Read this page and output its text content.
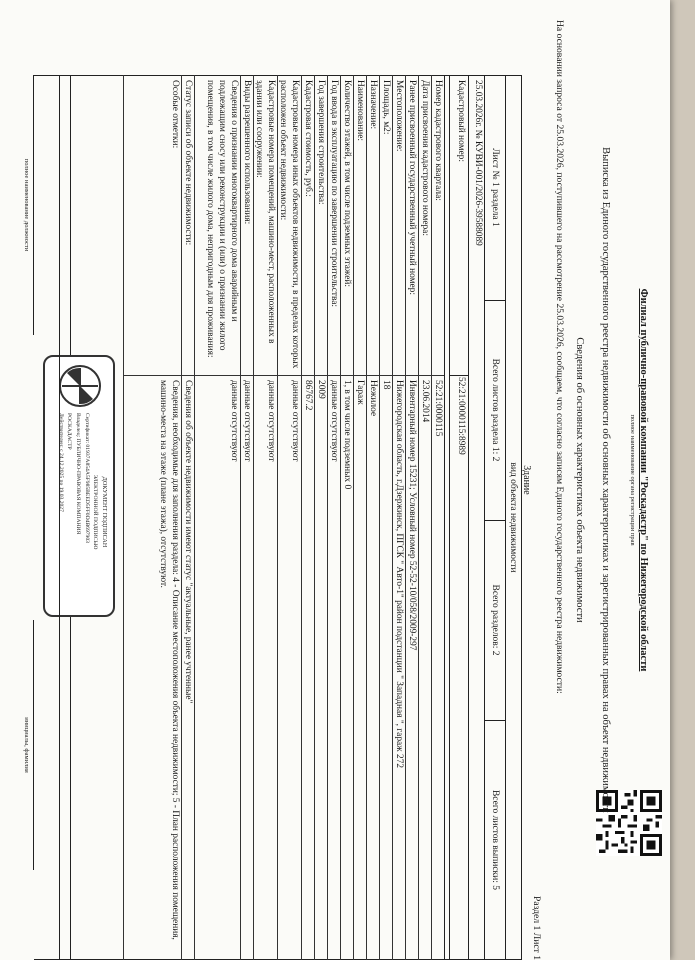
Филиал публично-правовой компании "Роскадастр" по Нижегородской области
полное наименование органа регистрации прав
Выписка из Единого государственного реестра недвижимости об основных характеристиках и зарегистрированных правах на объект недвижимости
Сведения об основных характеристиках объекта недвижимости
На основании запроса от 25.03.2026, поступившего на рассмотрение 25.03.2026, сообщаем, что согласно записям Единого государственного реестра недвижимости:
Раздел 1 Лист 1
Здание
вид объекта недвижимости
Лист № 1 раздела 1
Всего листов раздела 1: 2
Всего разделов: 2
Всего листов выписки: 5
25.03.2026г. № КУВИ-001/2026-39588089
Кадастровый номер:
52:21:0000115:8989
Номер кадастрового квартала:
52:21:0000115
Дата присвоения кадастрового номера:
23.06.2014
Ранее присвоенный государственный учетный номер:
Инвентарный номер 15231; Условный номер 52-52-10/058/2009-297
Местоположение:
Нижегородская область, г.Дзержинск, ПГСК " Авто-1" район подстанции " Западная ", гараж 272
Площадь, м2:
18
Назначение:
Нежилое
Наименование:
Гараж
Количество этажей, в том числе подземных этажей:
1, в том числе подземных 0
Год ввода в эксплуатацию по завершении строительства:
данные отсутствуют
Год завершения строительства:
2009
Кадастровая стоимость, руб.:
86767.2
Кадастровые номера иных объектов недвижимости, в пределах которых расположен объект недвижимости:
данные отсутствуют
Кадастровые номера помещений, машино-мест, расположенных в здании или сооружении:
данные отсутствуют
Виды разрешенного использования:
данные отсутствуют
Сведения о признании многоквартирного дома аварийным и подлежащим сносу или реконструкции и (или) о признании жилого помещения, в том числе жилого дома, непригодным для проживания:
данные отсутствуют
Статус записи об объекте недвижимости:
Сведения об объекте недвижимости имеют статус "актуальные, ранее учтенные"
Особые отметки:
Сведения, необходимые для заполнения раздела: 4 - Описание местоположения объекта недвижимости; 5 - План расположения помещения, машино-места на этаже (плане этажа), отсутствуют.
ДОКУМЕНТ ПОДПИСАН
ЭЛЕКТРОННОЙ ПОДПИСЬЮ
Сертификат: 01937A854A5F985BEED5FF0D4B697903
Владелец: ПУБЛИЧНО-ПРАВОВАЯ КОМПАНИЯ
РОСКАДАСТР
Действителен: с 24.12.2025 по 19.03.2027
полное наименование должности
инициалы, фамилия
